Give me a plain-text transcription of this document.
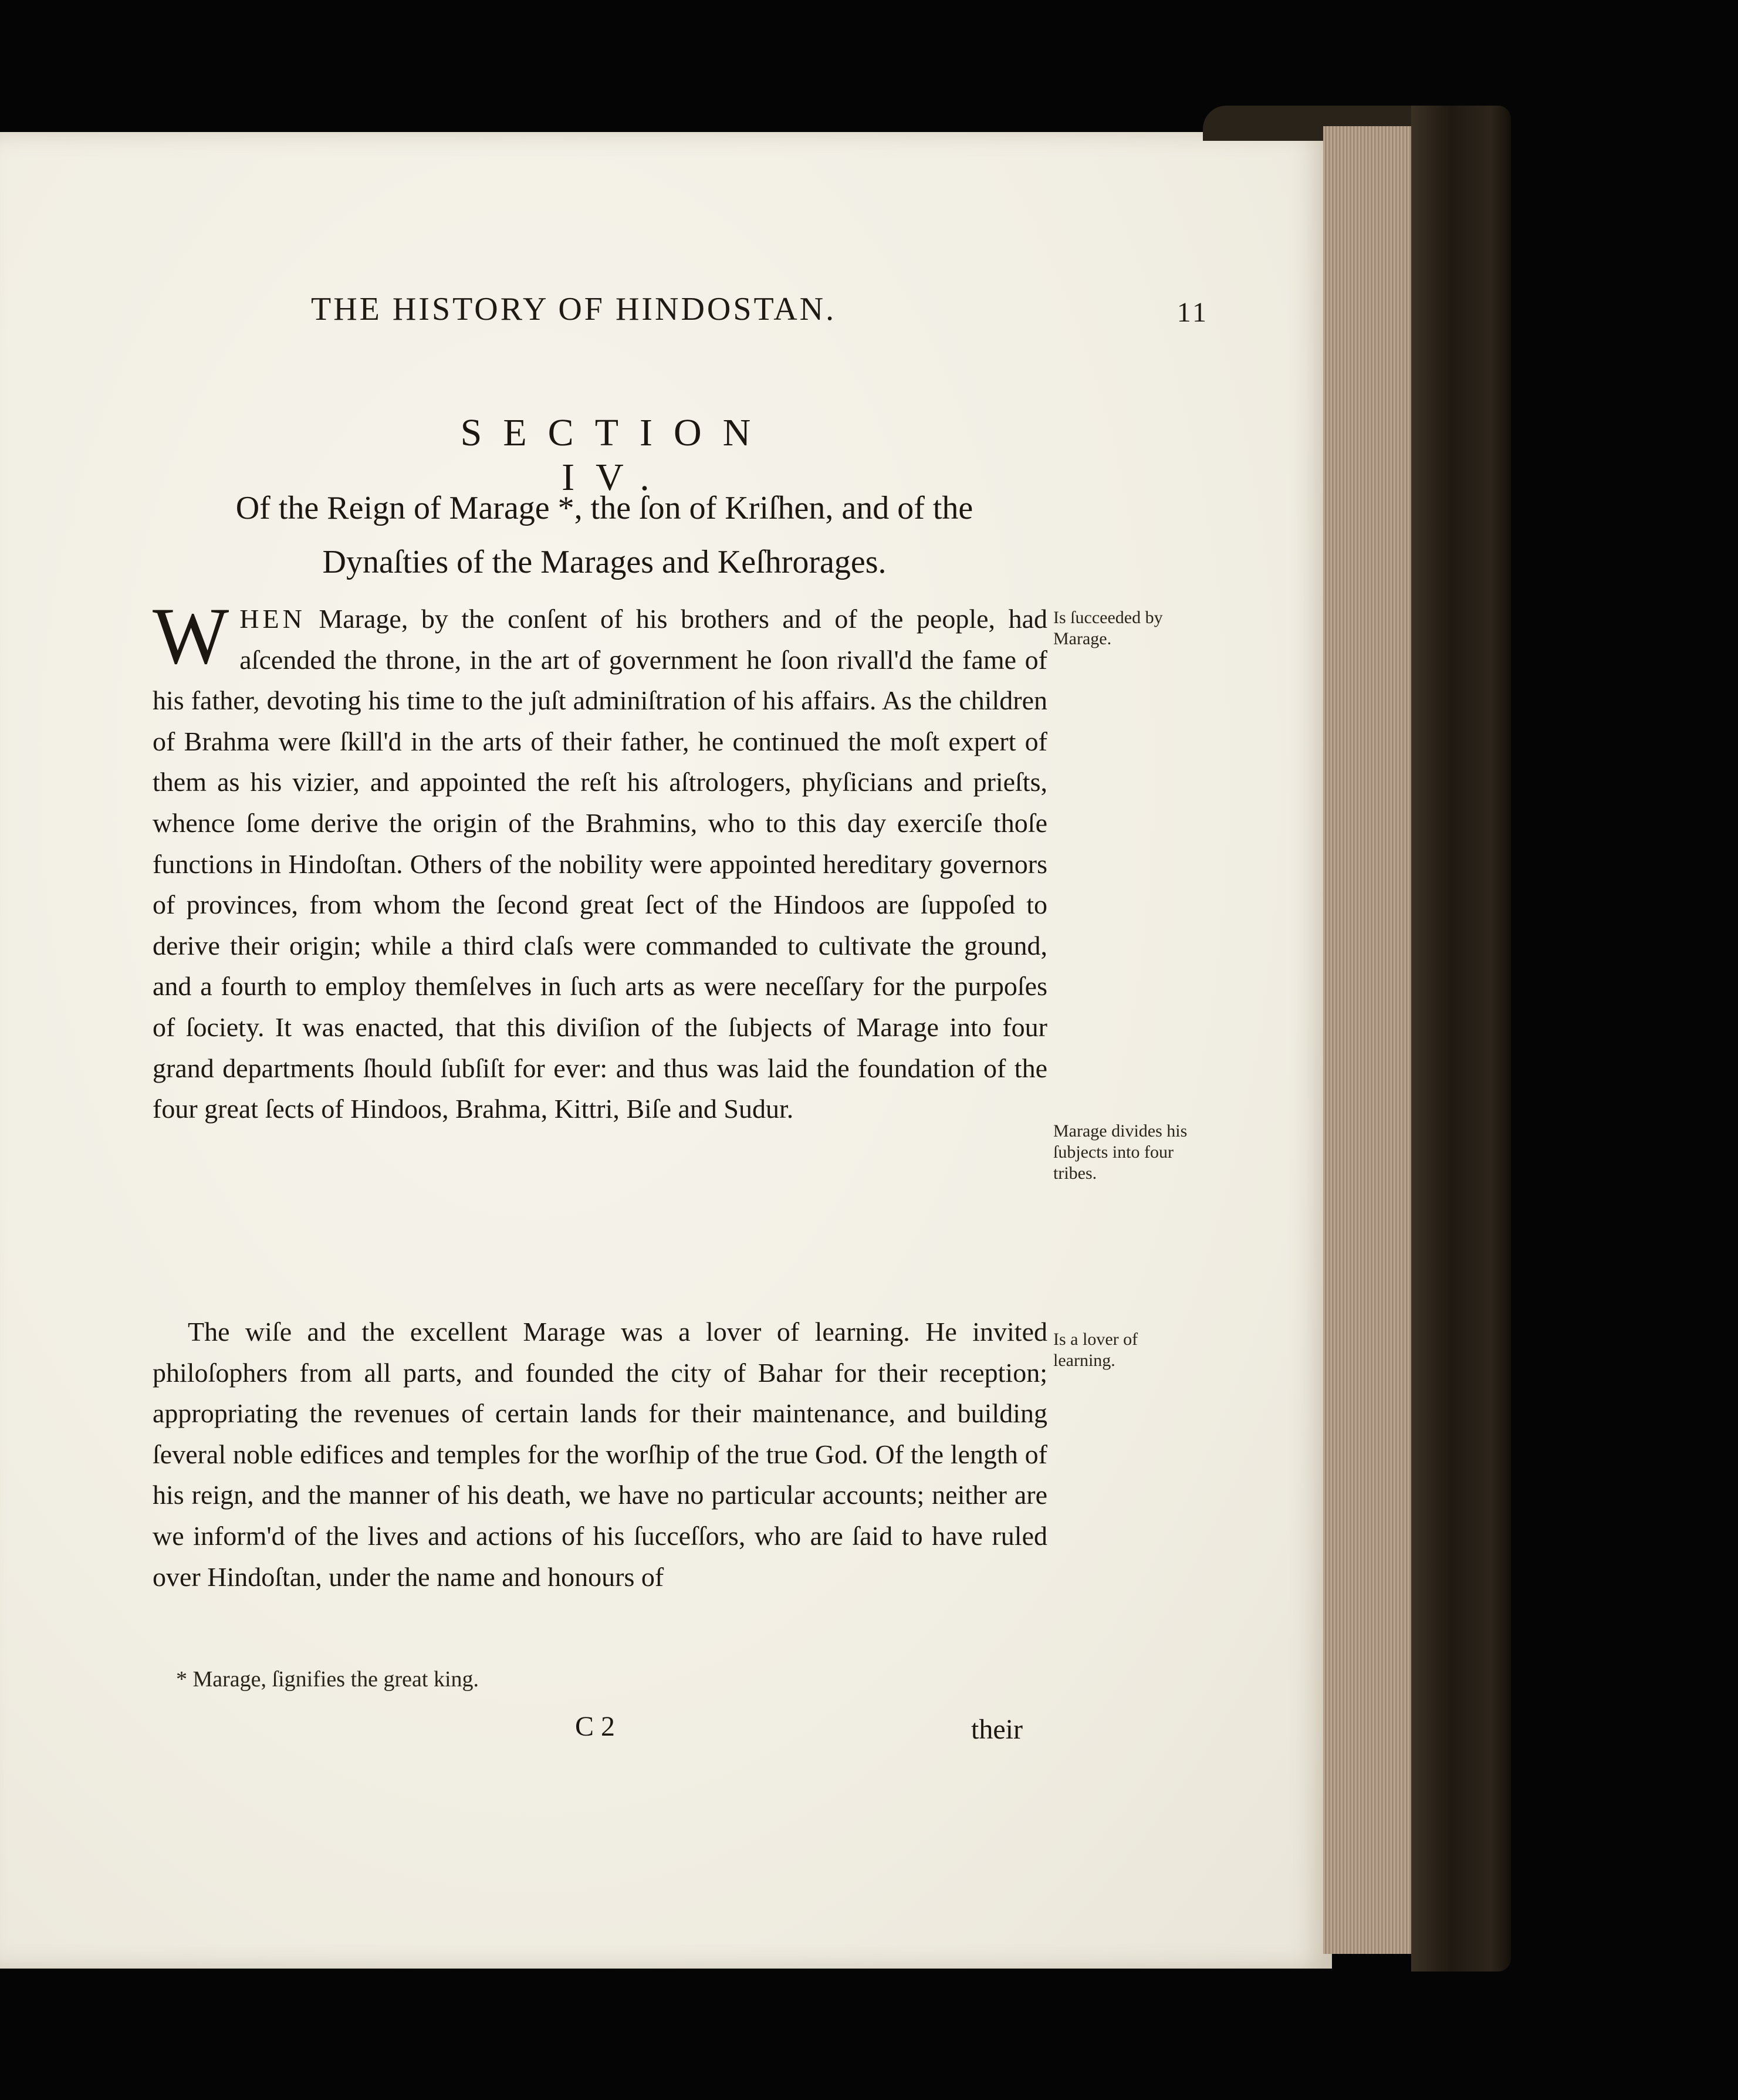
THE HISTORY OF HINDOSTAN.	11
SECTION IV.
Of the Reign of Marage *, the ſon of Kriſhen, and of the
Dynaſties of the Marages and Keſhrorages.

W HEN Marage, by the conſent of his brothers and of the people, had aſcended the throne, in the art of government he ſoon rivall'd the fame of his father, devoting his time to the juſt adminiſtration of his affairs. As the children of Brahma were ſkill'd in the arts of their father, he continued the moſt expert of them as his vizier, and appointed the reſt his aſtrologers, phyſicians and prieſts, whence ſome derive the origin of the Brahmins, who to this day exerciſe thoſe functions in Hindoſtan. Others of the nobility were appointed hereditary governors of provinces, from whom the ſecond great ſect of the Hindoos are ſuppoſed to derive their origin; while a third claſs were commanded to cultivate the ground, and a fourth to employ themſelves in ſuch arts as were neceſſary for the purpoſes of ſociety. It was enacted, that this diviſion of the ſubjects of Marage into four grand departments ſhould ſubſiſt for ever: and thus was laid the foundation of the four great ſects of Hindoos, Brahma, Kittri, Biſe and Sudur.

The wiſe and the excellent Marage was a lover of learning. He invited philoſophers from all parts, and founded the city of Bahar for their reception; appropriating the revenues of certain lands for their maintenance, and building ſeveral noble edifices and temples for the worſhip of the true God. Of the length of his reign, and the manner of his death, we have no particular accounts; neither are we inform'd of the lives and actions of his ſucceſſors, who are ſaid to have ruled over Hindoſtan, under the name and honours of

Is ſucceeded by Marage.
Marage divides his ſubjects into four tribes.
Is a lover of learning.
* Marage, ſignifies the great king.
C 2	their
